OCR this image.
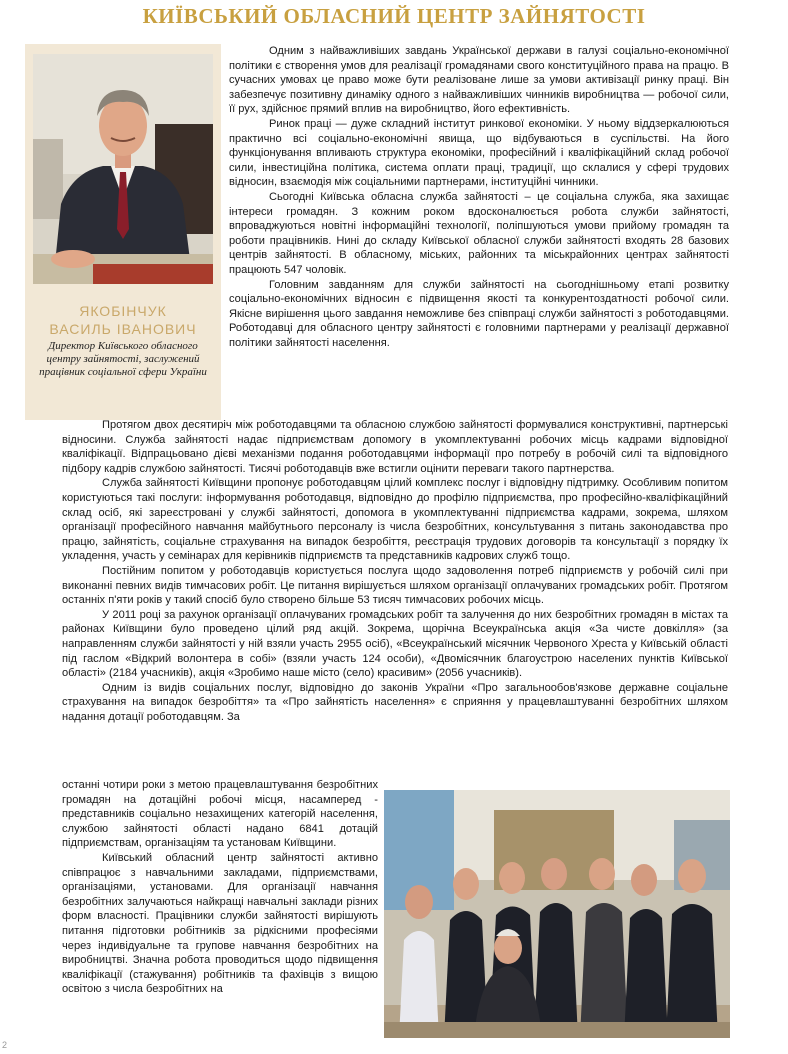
КИЇВСЬКИЙ ОБЛАСНИЙ ЦЕНТР ЗАЙНЯТОСТІ
ЯКОБІНЧУК
ВАСИЛЬ ІВАНОВИЧ
Директор Київського обласного центру зайнятості, заслужений працівник соціальної сфери України

Одним з найважливіших завдань Української держави в галузі соціально-економічної політики є створення умов для реалізації громадянами свого конституційного права на працю. В сучасних умовах це право може бути реалізоване лише за умови активізації ринку праці. Він забезпечує позитивну динаміку одного з найважливіших чинників виробництва — робочої сили, її рух, здійснює прямий вплив на виробництво, його ефективність.

Ринок праці — дуже складний інститут ринкової економіки. У ньому віддзеркалюються практично всі соціально-економічні явища, що відбуваються в суспільстві. На його функціонування впливають структура економіки, професійний і кваліфікаційний склад робочої сили, інвестиційна політика, система оплати праці, традиції, що склалися у сфері трудових відносин, взаємодія між соціальними партнерами, інституційні чинники.

Сьогодні Київська обласна служба зайнятості – це соціальна служба, яка захищає інтереси громадян. З кожним роком вдосконалюється робота служби зайнятості, впроваджуються новітні інформаційні технології, поліпшуються умови прийому громадян та роботи працівників. Нині до складу Київської обласної служби зайнятості входять 28 базових центрів зайнятості. В обласному, міських, районних та міськрайонних центрах зайнятості працюють 547 чоловік.

Головним завданням для служби зайнятості на сьогоднішньому етапі розвитку соціально-економічних відносин є підвищення якості та конкурентоздатності робочої сили. Якісне вирішення цього завдання неможливе без співпраці служби зайнятості з роботодавцями. Роботодавці для обласного центру зайнятості є головними партнерами у реалізації державної політики зайнятості населення.

Протягом двох десятиріч між роботодавцями та обласною службою зайнятості формувалися конструктивні, партнерські відносини. Служба зайнятості надає підприємствам допомогу в укомплектуванні робочих місць кадрами відповідної кваліфікації. Відпрацьовано дієві механізми подання роботодавцями інформації про потребу в робочій силі та відповідного підбору кадрів службою зайнятості. Тисячі роботодавців вже встигли оцінити переваги такого партнерства.

Служба зайнятості Київщини пропонує роботодавцям цілий комплекс послуг і відповідну підтримку. Особливим попитом користуються такі послуги: інформування роботодавця, відповідно до профілю підприємства, про професійно-кваліфікаційний склад осіб, які зареєстровані у службі зайнятості, допомога в укомплектуванні підприємства кадрами, зокрема, шляхом організації професійного навчання майбутнього персоналу із числа безробітних, консультування з питань законодавства про працю, зайнятість, соціальне страхування на випадок безробіття, реєстрація трудових договорів та консультації з порядку їх укладення, участь у семінарах для керівників підприємств та представників кадрових служб тощо.

Постійним попитом у роботодавців користується послуга щодо задоволення потреб підприємств у робочій силі при виконанні певних видів тимчасових робіт. Це питання вирішується шляхом організації оплачуваних громадських робіт. Протягом останніх п'яти років у такий спосіб було створено більше 53 тисяч тимчасових робочих місць.

У 2011 році за рахунок організації оплачуваних громадських робіт та залучення до них безробітних громадян в містах та районах Київщини було проведено цілий ряд акцій. Зокрема, щорічна Всеукраїнська акція «За чисте довкілля» (за направленням служби зайнятості у ній взяли участь 2955 осіб), «Всеукраїнський місячник Червоного Хреста у Київській області під гаслом «Відкрий волонтера в собі» (взяли участь 124 особи), «Двомісячник благоустрою населених пунктів Київської області» (2184 учасників), акція «Зробимо наше місто (село) красивим» (2056 учасників).

Одним із видів соціальних послуг, відповідно до законів України «Про загальнообов'язкове державне соціальне страхування на випадок безробіття» та «Про зайнятість населення» є сприяння у працевлаштуванні безробітних шляхом надання дотації роботодавцям. За

останні чотири роки з метою працевлаштування безробітних громадян на дотаційні робочі місця, насамперед - представників соціально незахищених категорій населення, службою зайнятості області надано 6841 дотацій підприємствам, організаціям та установам Київщини.

Київський обласний центр зайнятості активно співпрацює з навчальними закладами, підприємствами, організаціями, установами. Для організації навчання безробітних залучаються найкращі навчальні заклади різних форм власності. Працівники служби зайнятості вирішують питання підготовки робітників за рідкісними професіями через індивідуальне та групове навчання безробітних на виробництві. Значна робота проводиться щодо підвищення кваліфікації (стажування) робітників та фахівців з вищою освітою з числа безробітних на

2
